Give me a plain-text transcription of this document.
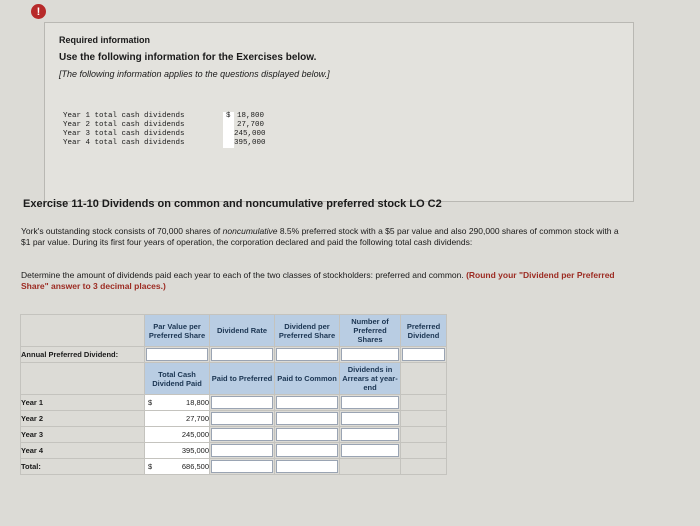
!
Required information
Use the following information for the Exercises below.
[The following information applies to the questions displayed below.]
Year 1 total cash dividends	$ 18,800
Year 2 total cash dividends	27,700
Year 3 total cash dividends	245,000
Year 4 total cash dividends	395,000
Exercise 11-10 Dividends on common and noncumulative preferred stock LO C2
York's outstanding stock consists of 70,000 shares of noncumulative 8.5% preferred stock with a $5 par value and also 290,000 shares of common stock with a $1 par value. During its first four years of operation, the corporation declared and paid the following total cash dividends:
Determine the amount of dividends paid each year to each of the two classes of stockholders: preferred and common. (Round your "Dividend per Preferred Share" answer to 3 decimal places.)
	Par Value per Preferred Share	Dividend Rate	Dividend per Preferred Share	Number of Preferred Shares	Preferred Dividend
Annual Preferred Dividend:	

	Total Cash Dividend Paid	Paid to Preferred	Paid to Common	Dividends in Arrears at year-end	
Year 1	$ 18,800	

Year 2	27,700	

Year 3	245,000	

Year 4	395,000	

Total:	$ 686,500	
